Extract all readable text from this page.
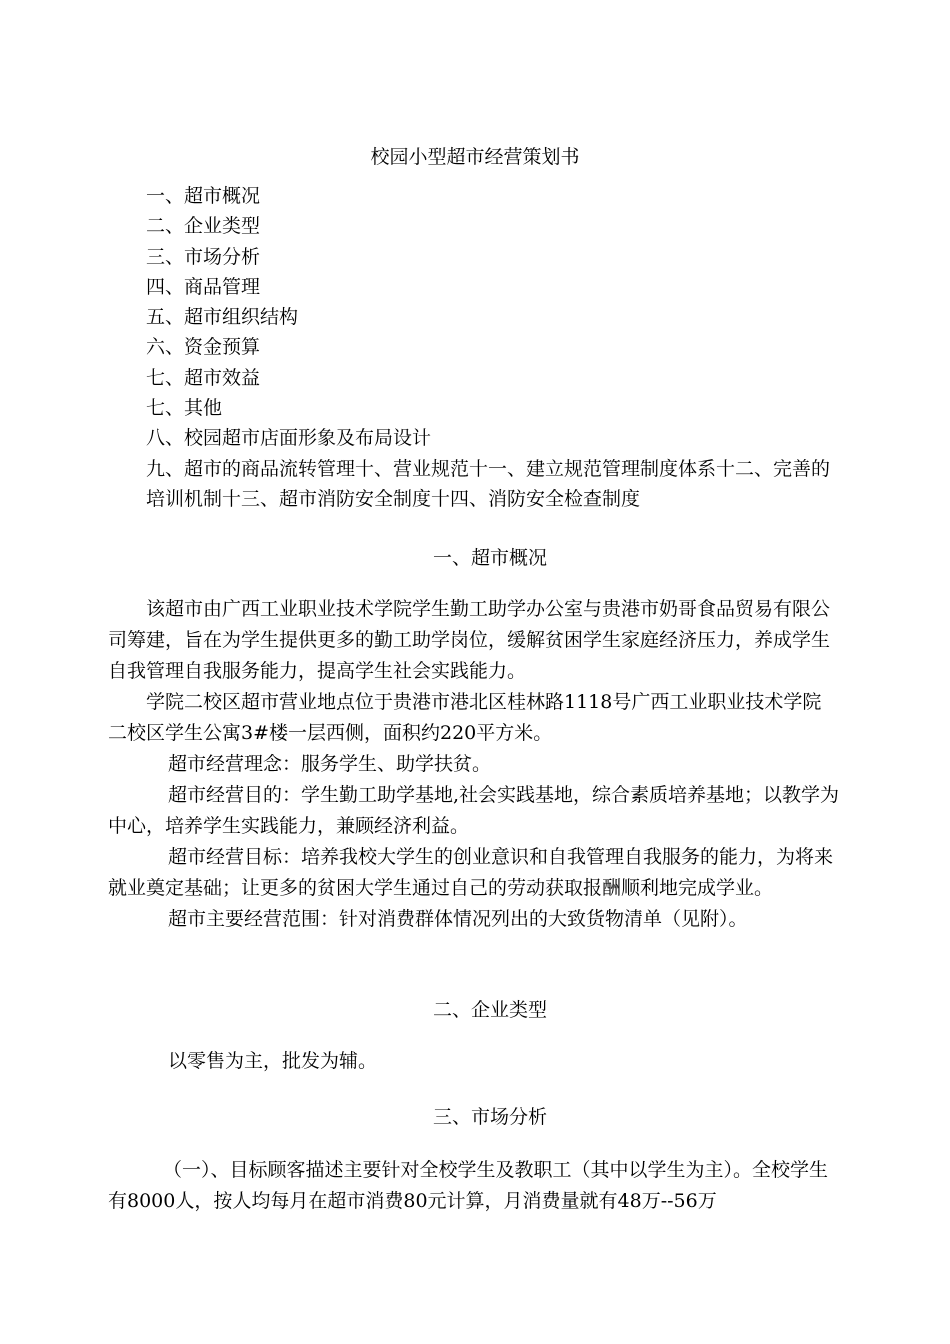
校园小型超市经营策划书
一、超市概况
二、企业类型
三、市场分析
四、商品管理
五、超市组织结构
六、资金预算
七、超市效益
七、其他
八、校园超市店面形象及布局设计
九、超市的商品流转管理十、营业规范十一、建立规范管理制度体系十二、完善的培训机制十三、超市消防安全制度十四、消防安全检查制度
一、超市概况

该超市由广西工业职业技术学院学生勤工助学办公室与贵港市奶哥食品贸易有限公司筹建，旨在为学生提供更多的勤工助学岗位，缓解贫困学生家庭经济压力，养成学生自我管理自我服务能力，提高学生社会实践能力。

学院二校区超市营业地点位于贵港市港北区桂林路1118号广西工业职业技术学院二校区学生公寓3#楼一层西侧，面积约220平方米。

超市经营理念：服务学生、助学扶贫。

超市经营目的：学生勤工助学基地,社会实践基地，综合素质培养基地；以教学为中心，培养学生实践能力，兼顾经济利益。

超市经营目标：培养我校大学生的创业意识和自我管理自我服务的能力，为将来就业奠定基础；让更多的贫困大学生通过自己的劳动获取报酬顺利地完成学业。

超市主要经营范围：针对消费群体情况列出的大致货物清单（见附）。

二、企业类型

以零售为主，批发为辅。

三、市场分析

（一）、目标顾客描述主要针对全校学生及教职工（其中以学生为主）。全校学生有8000人，按人均每月在超市消费80元计算，月消费量就有48万--56万
